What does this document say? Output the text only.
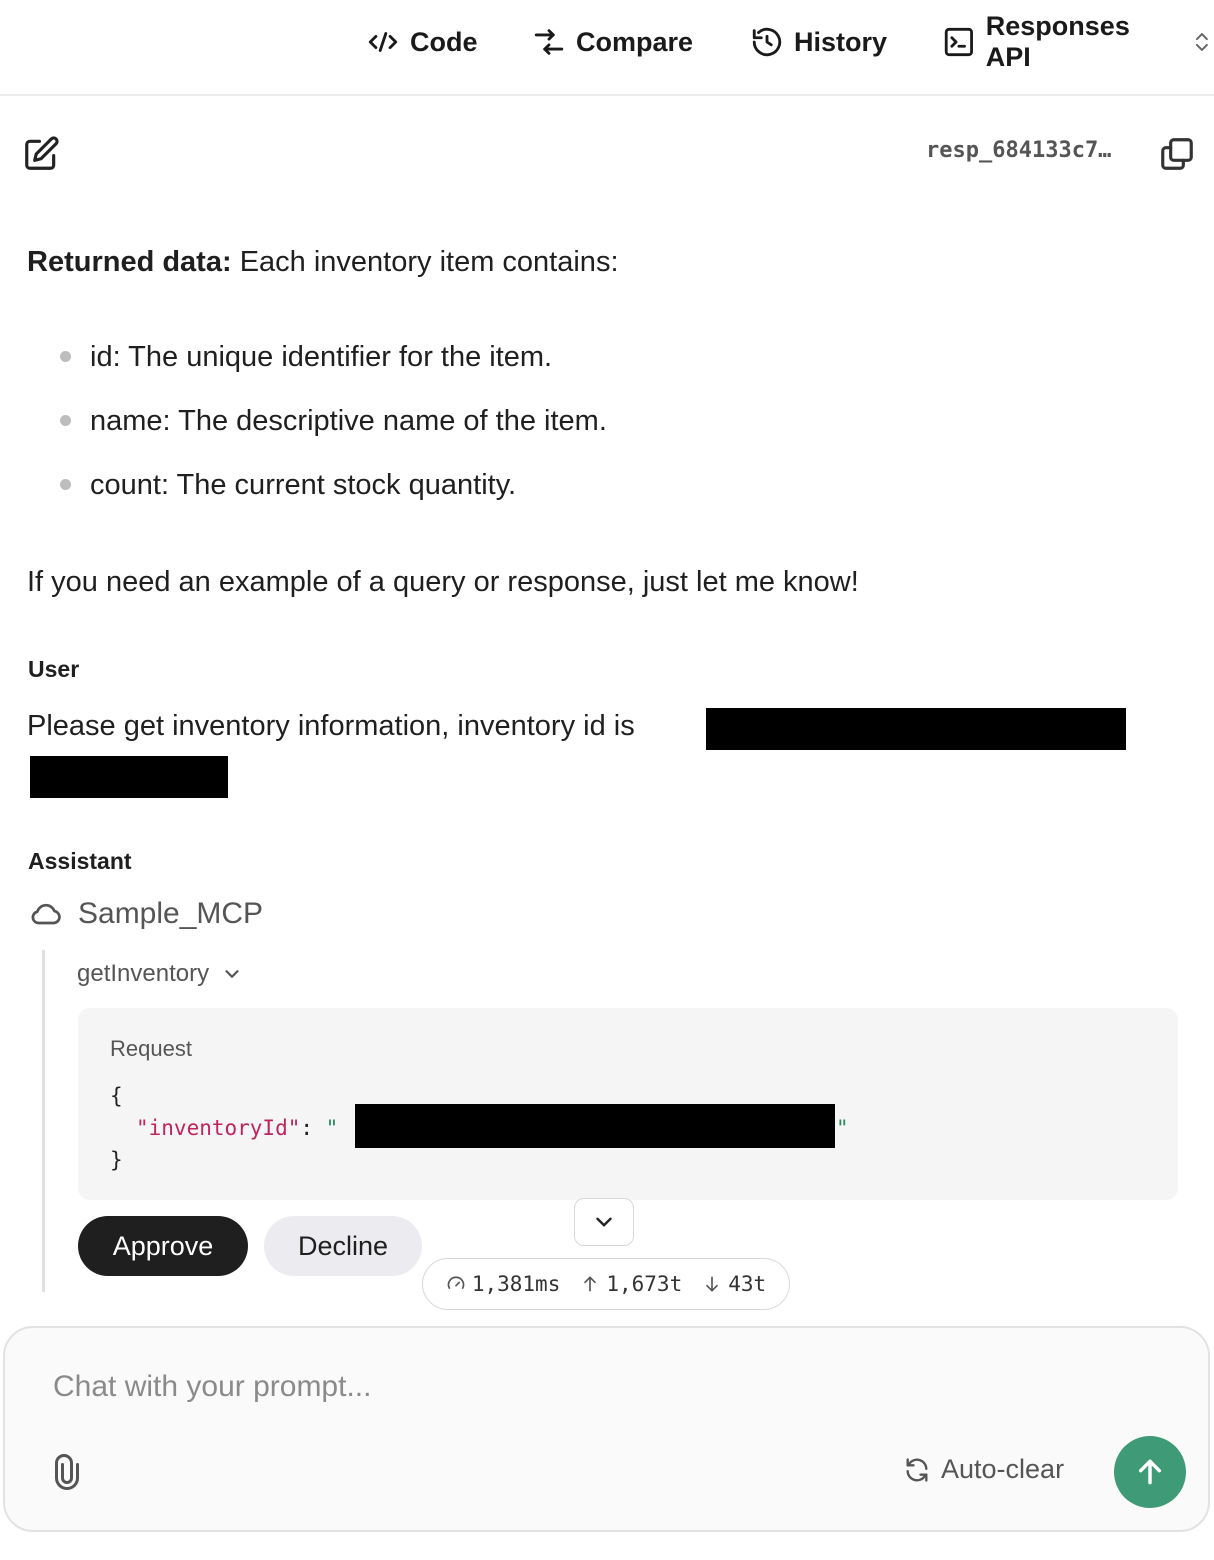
Code	Compare	History
Responses API
resp_684133c7…
Returned data: Each inventory item contains:
id: The unique identifier for the item.
name: The descriptive name of the item.
count: The current stock quantity.
If you need an example of a query or response, just let me know!
User
Please get inventory information, inventory id is
Assistant
Sample_MCP
getInventory
Request
{
"inventoryId": "	"
}
Approve	Decline
1,381ms 1,673t 43t
Chat with your prompt...
Auto-clear
